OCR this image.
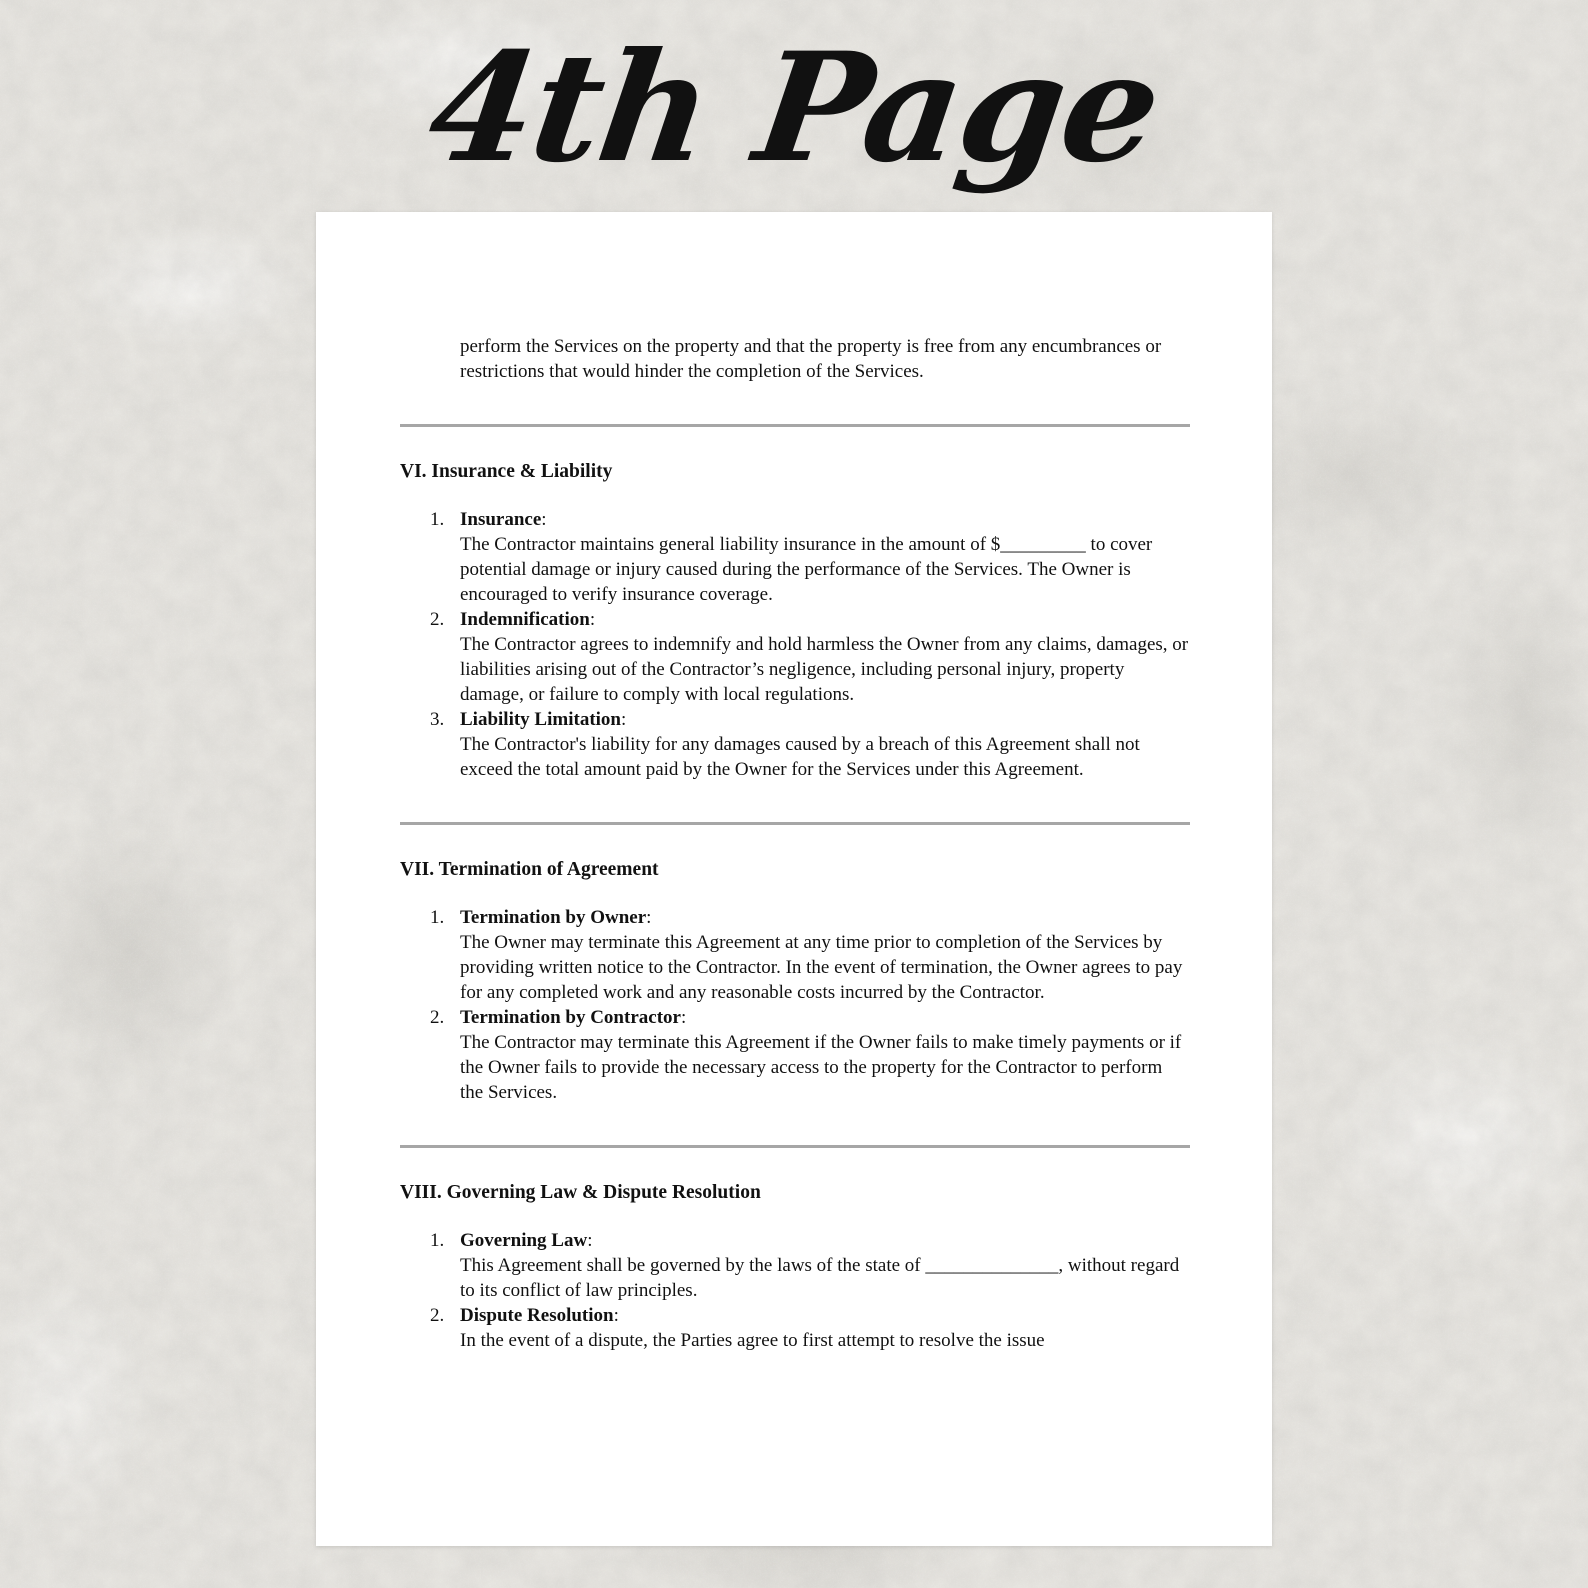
4th Page

perform the Services on the property and that the property is free from any encumbrances or restrictions that would hinder the completion of the Services.

VI. Insurance & Liability
1. Insurance:
The Contractor maintains general liability insurance in the amount of $_________ to cover potential damage or injury caused during the performance of the Services. The Owner is encouraged to verify insurance coverage.
2. Indemnification:
The Contractor agrees to indemnify and hold harmless the Owner from any claims, damages, or liabilities arising out of the Contractor’s negligence, including personal injury, property damage, or failure to comply with local regulations.
3. Liability Limitation:
The Contractor's liability for any damages caused by a breach of this Agreement shall not exceed the total amount paid by the Owner for the Services under this Agreement.
VII. Termination of Agreement
1. Termination by Owner:
The Owner may terminate this Agreement at any time prior to completion of the Services by providing written notice to the Contractor. In the event of termination, the Owner agrees to pay for any completed work and any reasonable costs incurred by the Contractor.
2. Termination by Contractor:
The Contractor may terminate this Agreement if the Owner fails to make timely payments or if the Owner fails to provide the necessary access to the property for the Contractor to perform the Services.
VIII. Governing Law & Dispute Resolution
1. Governing Law:
This Agreement shall be governed by the laws of the state of ______________, without regard to its conflict of law principles.
2. Dispute Resolution:
In the event of a dispute, the Parties agree to first attempt to resolve the issue
